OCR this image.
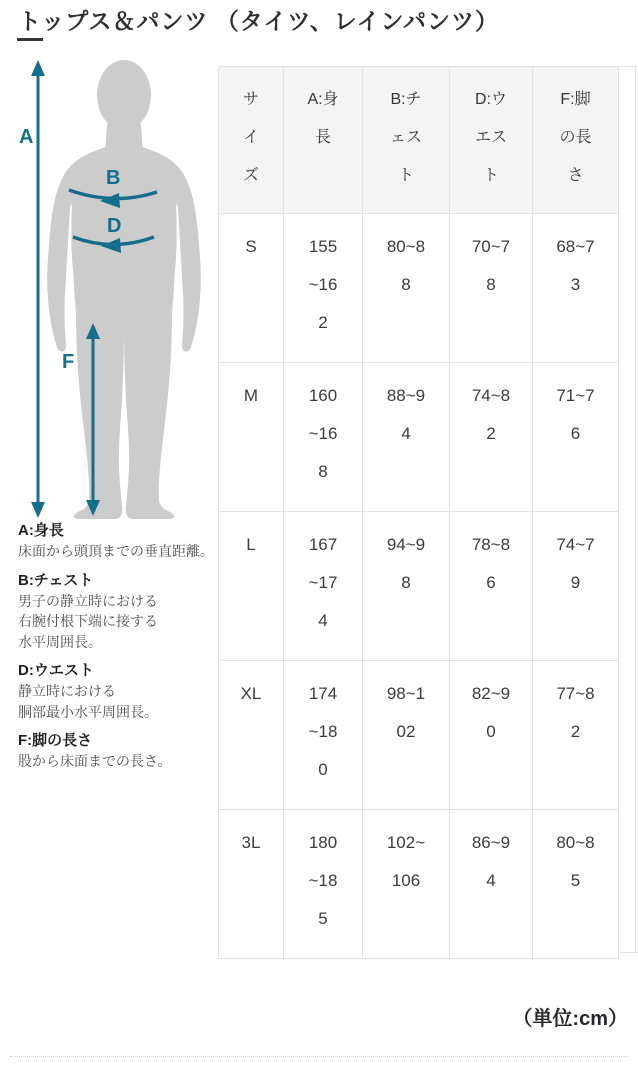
トップス＆パンツ （タイツ、レインパンツ）
A
B
D
F
A:身長
床面から頭頂までの垂直距離。
B:チェスト
男子の静立時における
右腕付根下端に接する
水平周囲長。
D:ウエスト
静立時における
胴部最小水平周囲長。
F:脚の長さ
股から床面までの長さ。
サイズ	A:身長	B:チェスト	D:ウエスト	F:脚の長さ
S	155~162	80~88	70~78	68~73
M	160~168	88~94	74~82	71~76
L	167~174	94~98	78~86	74~79
XL	174~180	98~102	82~90	77~82
3L	180~185	102~106	86~94	80~85
（単位:cm）
